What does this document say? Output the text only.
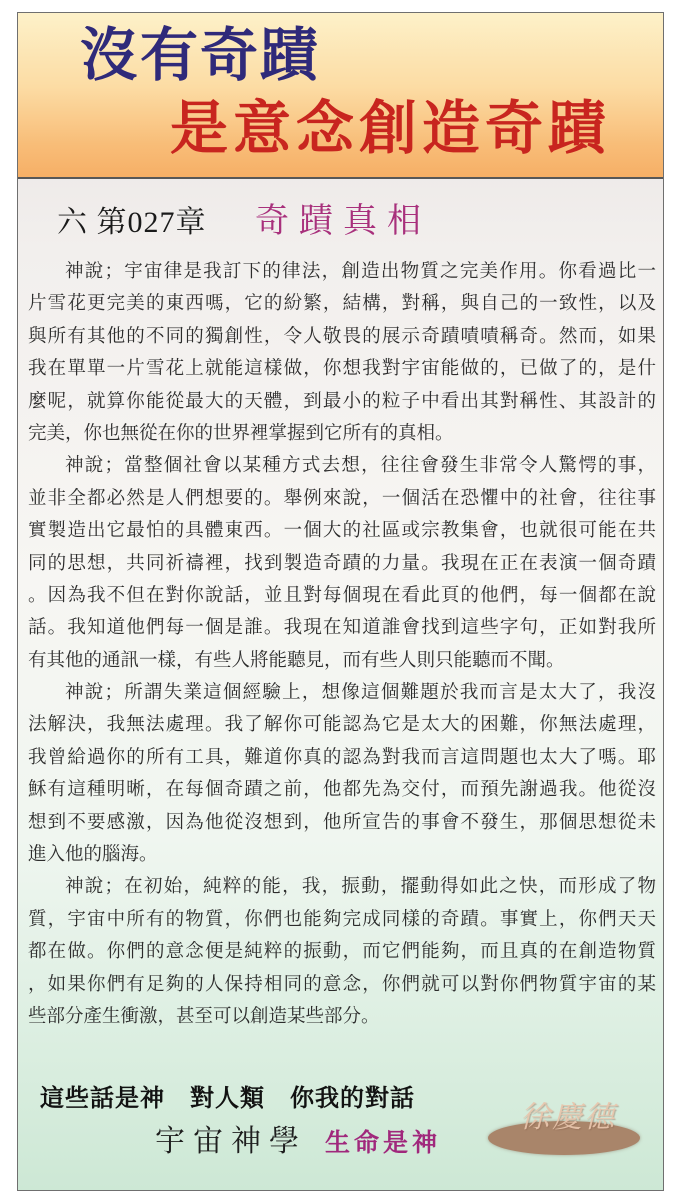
沒有奇蹟
是意念創造奇蹟
六 第027章 奇蹟真相
神說；宇宙律是我訂下的律法，創造出物質之完美作用。你看過比一
片雪花更完美的東西嗎，它的紛繁，結構，對稱，與自己的一致性，以及
與所有其他的不同的獨創性，令人敬畏的展示奇蹟嘖嘖稱奇。然而，如果
我在單單一片雪花上就能這樣做，你想我對宇宙能做的，已做了的，是什
麼呢，就算你能從最大的天體，到最小的粒子中看出其對稱性、其設計的
完美，你也無從在你的世界裡掌握到它所有的真相。
神說；當整個社會以某種方式去想，往往會發生非常令人驚愕的事，
並非全都必然是人們想要的。舉例來說，一個活在恐懼中的社會，往往事
實製造出它最怕的具體東西。一個大的社區或宗教集會，也就很可能在共
同的思想，共同祈禱裡，找到製造奇蹟的力量。我現在正在表演一個奇蹟
。因為我不但在對你說話，並且對每個現在看此頁的他們，每一個都在說
話。我知道他們每一個是誰。我現在知道誰會找到這些字句，正如對我所
有其他的通訊一樣，有些人將能聽見，而有些人則只能聽而不聞。
神說；所謂失業這個經驗上，想像這個難題於我而言是太大了，我沒
法解決，我無法處理。我了解你可能認為它是太大的困難，你無法處理，
我曾給過你的所有工具，難道你真的認為對我而言這問題也太大了嗎。耶
穌有這種明晰，在每個奇蹟之前，他都先為交付，而預先謝過我。他從沒
想到不要感激，因為他從沒想到，他所宣告的事會不發生，那個思想從未
進入他的腦海。
神說；在初始，純粹的能，我，振動，擺動得如此之快，而形成了物
質，宇宙中所有的物質，你們也能夠完成同樣的奇蹟。事實上，你們天天
都在做。你們的意念便是純粹的振動，而它們能夠，而且真的在創造物質
，如果你們有足夠的人保持相同的意念，你們就可以對你們物質宇宙的某
些部分產生衝激，甚至可以創造某些部分。
這些話是神　對人類　你我的對話
宇宙神學 生命是神
徐慶德
